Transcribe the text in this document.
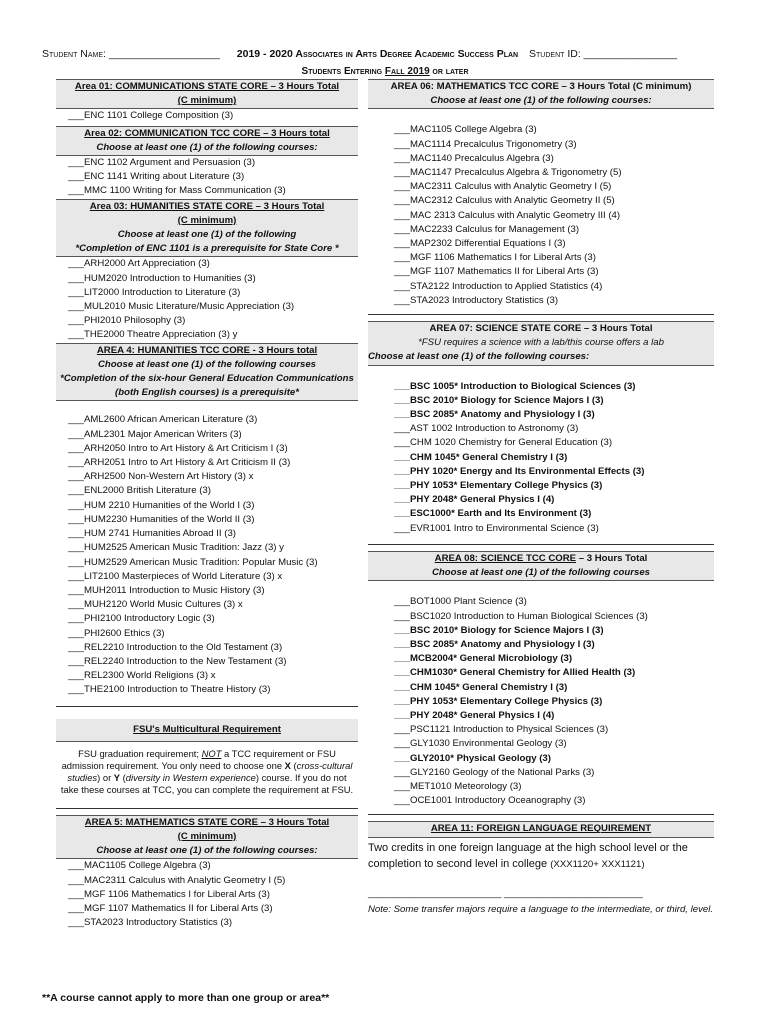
Student Name: ___________________ 2019 - 2020 Associates in Arts Degree Academic Success Plan Student ID: ________________
Students Entering Fall 2019 or later
Area 01: COMMUNICATIONS STATE CORE – 3 Hours Total (C minimum)
___ENC 1101 College Composition (3)
Area 02: COMMUNICATION TCC CORE – 3 Hours total
Choose at least one (1) of the following courses:
___ENC 1102 Argument and Persuasion (3)
___ENC 1141 Writing about Literature (3)
___MMC 1100 Writing for Mass Communication (3)
Area 03: HUMANITIES STATE CORE – 3 Hours Total (C minimum)
Choose at least one (1) of the following
*Completion of ENC 1101 is a prerequisite for State Core *
___ARH2000 Art Appreciation (3)
___HUM2020 Introduction to Humanities (3)
___LIT2000 Introduction to Literature (3)
___MUL2010 Music Literature/Music Appreciation (3)
___PHI2010 Philosophy (3)
___THE2000 Theatre Appreciation (3) y
AREA 4: HUMANITIES TCC CORE - 3 Hours total
Choose at least one (1) of the following courses
*Completion of the six-hour General Education Communications (both English courses) is a prerequisite*
___AML2600 African American Literature (3)
___AML2301 Major American Writers (3)
___ARH2050 Intro to Art History & Art Criticism I (3)
___ARH2051 Intro to Art History & Art Criticism II (3)
___ARH2500 Non-Western Art History (3) x
___ENL2000 British Literature (3)
___HUM 2210 Humanities of the World I (3)
___HUM2230 Humanities of the World II (3)
___HUM 2741 Humanities Abroad II (3)
___HUM2525 American Music Tradition: Jazz (3) y
___HUM2529 American Music Tradition: Popular Music (3)
___LIT2100 Masterpieces of World Literature (3) x
___MUH2011 Introduction to Music History (3)
___MUH2120 World Music Cultures (3) x
___PHI2100 Introductory Logic (3)
___PHI2600 Ethics (3)
___REL2210 Introduction to the Old Testament (3)
___REL2240 Introduction to the New Testament (3)
___REL2300 World Religions (3) x
___THE2100 Introduction to Theatre History (3)
FSU's Multicultural Requirement
FSU graduation requirement; NOT a TCC requirement or FSU admission requirement. You only need to choose one X (cross-cultural studies) or Y (diversity in Western experience) course. If you do not take these courses at TCC, you can complete the requirement at FSU.
AREA 5: MATHEMATICS STATE CORE – 3 Hours Total (C minimum)
Choose at least one (1) of the following courses:
___MAC1105 College Algebra (3)
___MAC2311 Calculus with Analytic Geometry I (5)
___MGF 1106 Mathematics I for Liberal Arts (3)
___MGF 1107 Mathematics II for Liberal Arts (3)
___STA2023 Introductory Statistics (3)
AREA 06: MATHEMATICS TCC CORE – 3 Hours Total (C minimum)
Choose at least one (1) of the following courses:
___MAC1105 College Algebra (3)
___MAC1114 Precalculus Trigonometry (3)
___MAC1140 Precalculus Algebra (3)
___MAC1147 Precalculus Algebra & Trigonometry (5)
___MAC2311 Calculus with Analytic Geometry I (5)
___MAC2312 Calculus with Analytic Geometry II (5)
___MAC 2313 Calculus with Analytic Geometry III (4)
___MAC2233 Calculus for Management (3)
___MAP2302 Differential Equations I (3)
___MGF 1106 Mathematics I for Liberal Arts (3)
___MGF 1107 Mathematics II for Liberal Arts (3)
___STA2122 Introduction to Applied Statistics (4)
___STA2023 Introductory Statistics (3)
AREA 07: SCIENCE STATE CORE – 3 Hours Total
*FSU requires a science with a lab/this course offers a lab
Choose at least one (1) of the following courses:
___BSC 1005* Introduction to Biological Sciences (3)
___BSC 2010* Biology for Science Majors I (3)
___BSC 2085* Anatomy and Physiology I (3)
___AST 1002 Introduction to Astronomy (3)
___CHM 1020 Chemistry for General Education (3)
___CHM 1045* General Chemistry I (3)
___PHY 1020* Energy and Its Environmental Effects (3)
___PHY 1053* Elementary College Physics (3)
___PHY 2048* General Physics I (4)
___ESC1000* Earth and Its Environment (3)
___EVR1001 Intro to Environmental Science (3)
AREA 08: SCIENCE TCC CORE – 3 Hours Total
Choose at least one (1) of the following courses
___BOT1000 Plant Science (3)
___BSC1020 Introduction to Human Biological Sciences (3)
___BSC 2010* Biology for Science Majors I (3)
___BSC 2085* Anatomy and Physiology I (3)
___MCB2004* General Microbiology (3)
___CHM1030* General Chemistry for Allied Health (3)
___CHM 1045* General Chemistry I (3)
___PHY 1053* Elementary College Physics (3)
___PHY 2048* General Physics I (4)
___PSC1121 Introduction to Physical Sciences (3)
___GLY1030 Environmental Geology (3)
___GLY2010* Physical Geology (3)
___GLY2160 Geology of the National Parks (3)
___MET1010 Meteorology (3)
___OCE1001 Introductory Oceanography (3)
AREA 11: FOREIGN LANGUAGE REQUIREMENT
Two credits in one foreign language at the high school level or the completion to second level in college (XXX1120+ XXX1121)
_________________________ __________________________
Note: Some transfer majors require a language to the intermediate, or third, level.
**A course cannot apply to more than one group or area**
